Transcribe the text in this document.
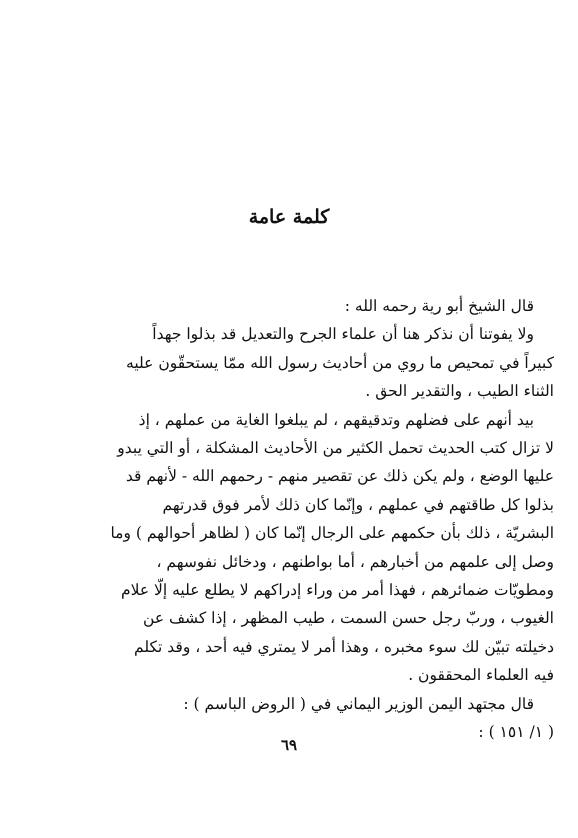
كلمة عامة

قال الشيخ أبو رية رحمه الله :

ولا يفوتنا أن نذكر هنا أن علماء الجرح والتعديل قد بذلوا جهداً

كبيراً في تمحيص ما روي من أحاديث رسول الله ممّا يستحقّون عليه

الثناء الطيب ، والتقدير الحق .

بيد أنهم على فضلهم وتدقيقهم ، لم يبلغوا الغاية من عملهم ، إذ

لا تزال كتب الحديث تحمل الكثير من الأحاديث المشكلة ، أو التي يبدو

عليها الوضع ، ولم يكن ذلك عن تقصير منهم - رحمهم الله - لأنهم قد

بذلوا كل طاقتهم في عملهم ، وإنّما كان ذلك لأمر فوق قدرتهم

البشريّة ، ذلك بأن حكمهم على الرجال إنّما كان ( لظاهر أحوالهم ) وما

وصل إلى علمهم من أخبارهم ، أما بواطنهم ، ودخائل نفوسهم ،

ومطويّات ضمائرهم ، فهذا أمر من وراء إدراكهم لا يطلع عليه إلّا علام

الغيوب ، وربّ رجل حسن السمت ، طيب المظهر ، إذا كشف عن

دخيلته تبيّن لك سوء مخبره ، وهذا أمر لا يمتري فيه أحد ، وقد تكلم

فيه العلماء المحققون .

قال مجتهد اليمن الوزير اليماني في ( الروض الباسم ) :

( ١/ ١٥١ ) :

٦٩
